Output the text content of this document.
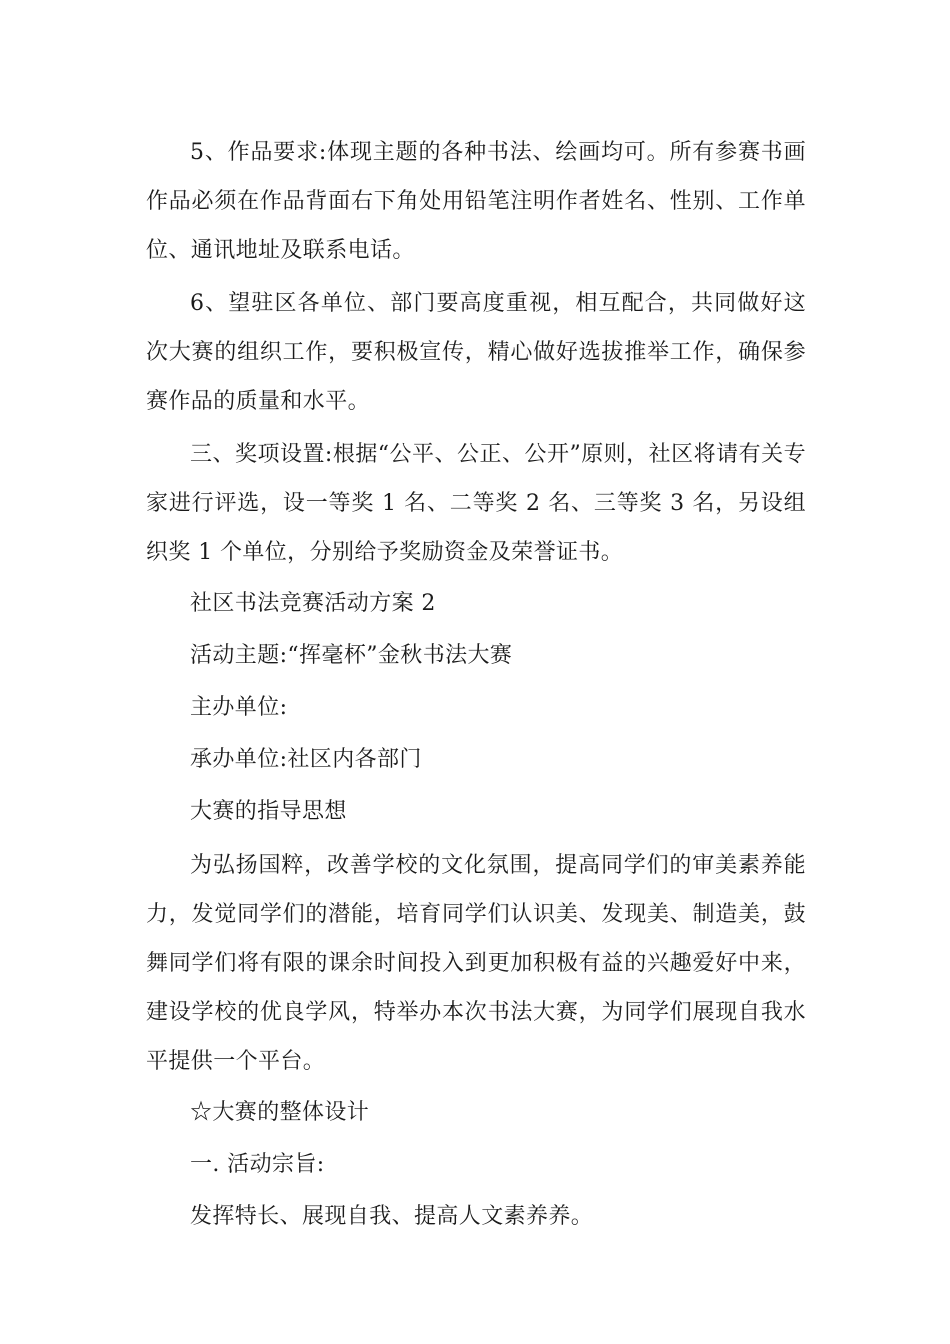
5、作品要求:体现主题的各种书法、绘画均可。所有参赛书画作品必须在作品背面右下角处用铅笔注明作者姓名、性别、工作单位、通讯地址及联系电话。

6、望驻区各单位、部门要高度重视，相互配合，共同做好这次大赛的组织工作，要积极宣传，精心做好选拔推举工作，确保参赛作品的质量和水平。

三、奖项设置:根据“公平、公正、公开”原则，社区将请有关专家进行评选，设一等奖 1 名、二等奖 2 名、三等奖 3 名，另设组织奖 1 个单位，分别给予奖励资金及荣誉证书。

社区书法竞赛活动方案 2

活动主题:“挥毫杯”金秋书法大赛

主办单位:

承办单位:社区内各部门

大赛的指导思想

为弘扬国粹，改善学校的文化氛围，提高同学们的审美素养能力，发觉同学们的潜能，培育同学们认识美、发现美、制造美，鼓舞同学们将有限的课余时间投入到更加积极有益的兴趣爱好中来，建设学校的优良学风，特举办本次书法大赛，为同学们展现自我水平提供一个平台。

☆大赛的整体设计

一. 活动宗旨:

发挥特长、展现自我、提高人文素养养。
